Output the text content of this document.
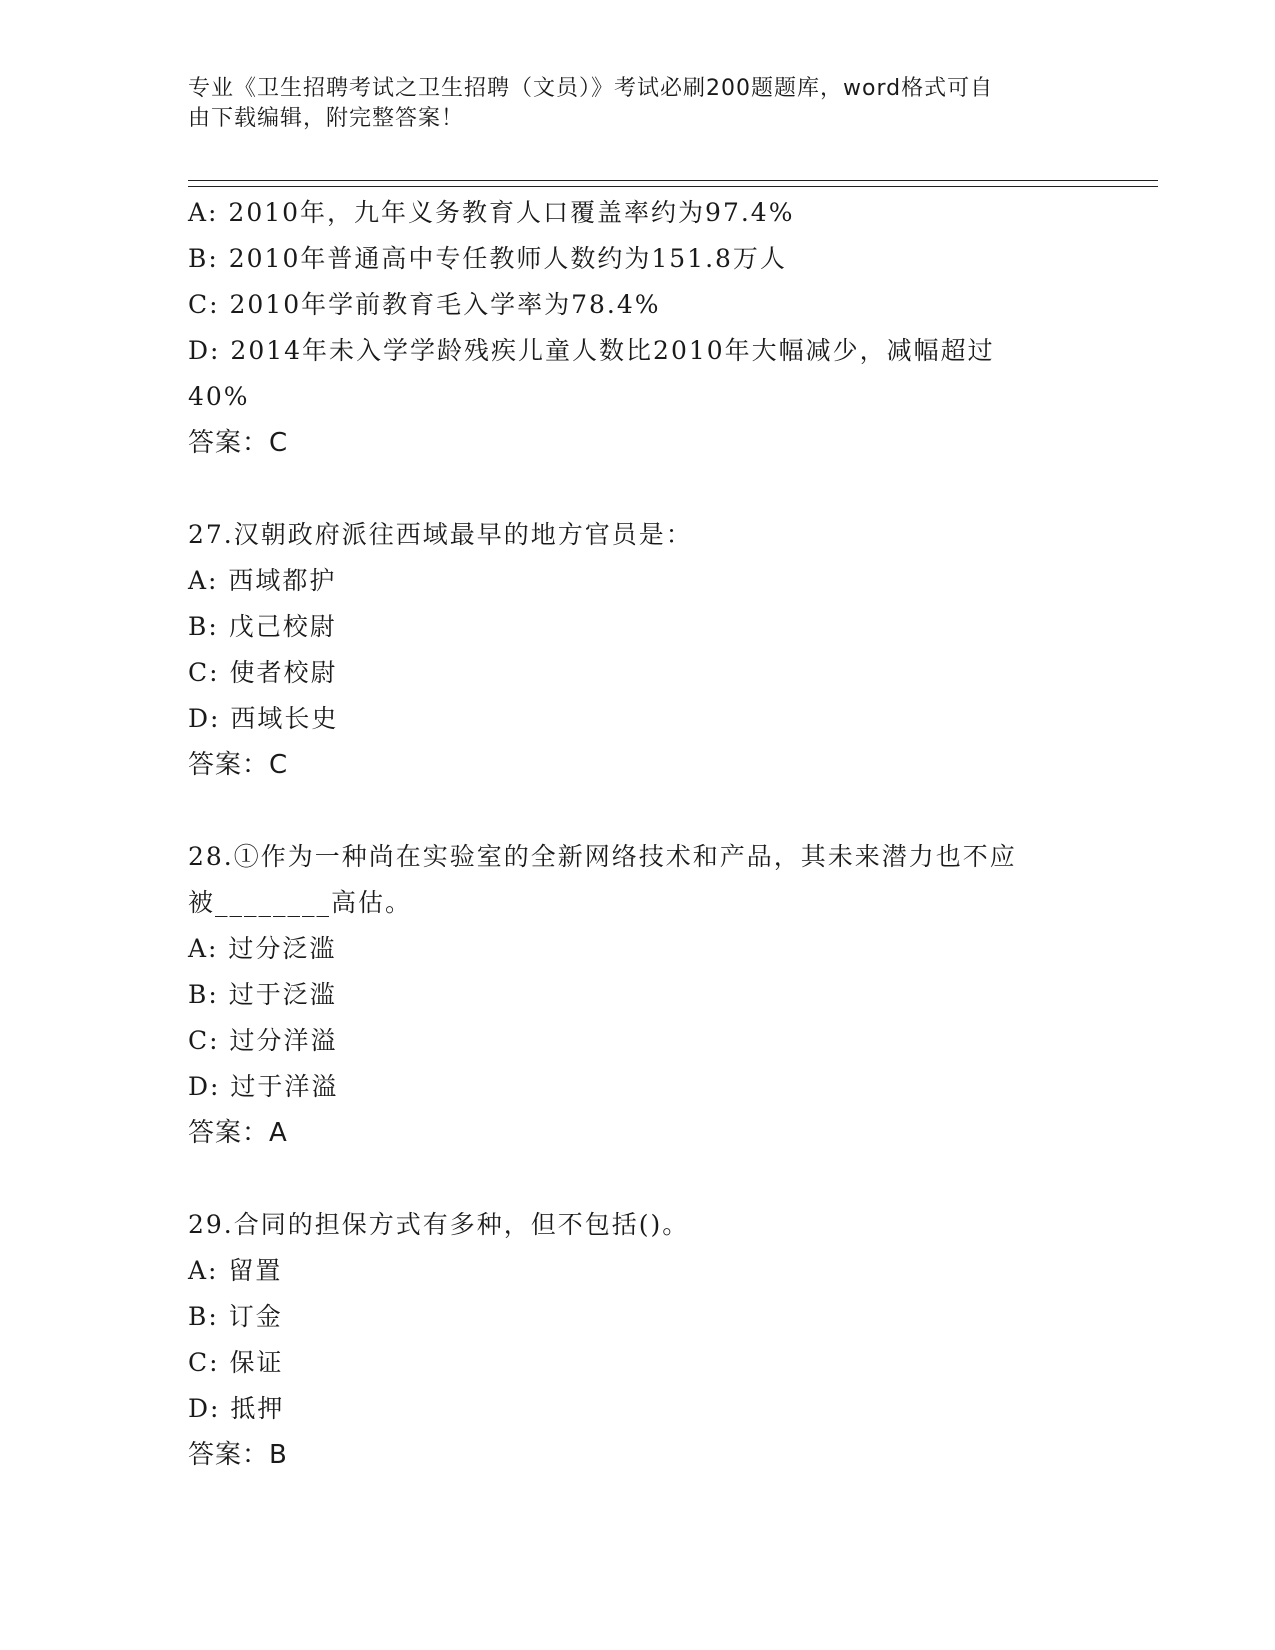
专业《卫生招聘考试之卫生招聘（文员）》考试必刷200题题库，word格式可自
由下载编辑，附完整答案！
A: 2010年，九年义务教育人口覆盖率约为97.4%
B: 2010年普通高中专任教师人数约为151.8万人
C: 2010年学前教育毛入学率为78.4%
D: 2014年未入学学龄残疾儿童人数比2010年大幅减少，减幅超过
40%
答案：C
27.汉朝政府派往西域最早的地方官员是：
A: 西域都护
B: 戊己校尉
C: 使者校尉
D: 西域长史
答案：C
28.①作为一种尚在实验室的全新网络技术和产品，其未来潜力也不应
被________高估。
A: 过分泛滥
B: 过于泛滥
C: 过分洋溢
D: 过于洋溢
答案：A
29.合同的担保方式有多种，但不包括()。
A: 留置
B: 订金
C: 保证
D: 抵押
答案：B
